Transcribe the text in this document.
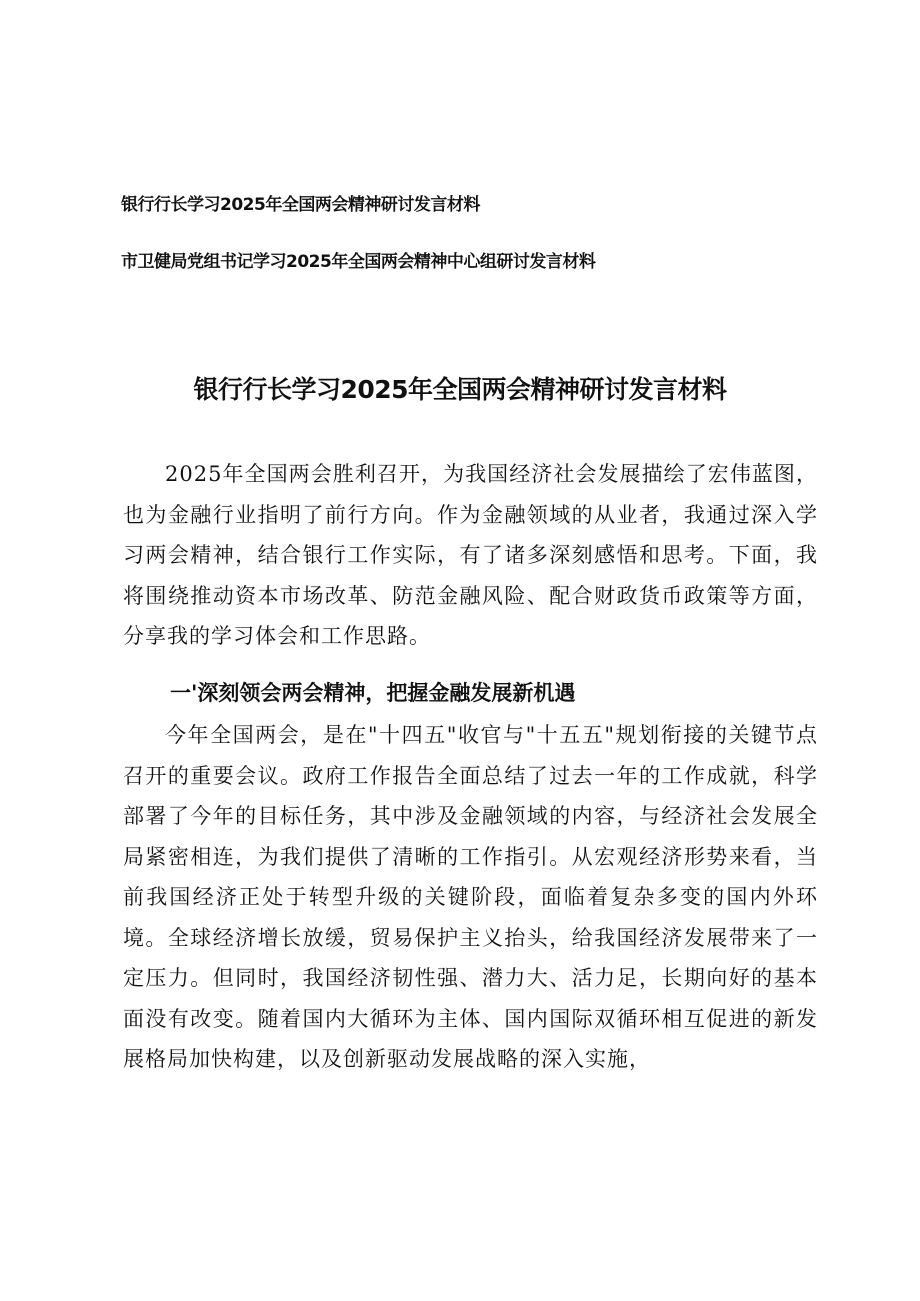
银行行长学习2025年全国两会精神研讨发言材料
市卫健局党组书记学习2025年全国两会精神中心组研讨发言材料
银行行长学习2025年全国两会精神研讨发言材料

2025年全国两会胜利召开，为我国经济社会发展描绘了宏伟蓝图，也为金融行业指明了前行方向。作为金融领域的从业者，我通过深入学习两会精神，结合银行工作实际，有了诸多深刻感悟和思考。下面，我将围绕推动资本市场改革、防范金融风险、配合财政货币政策等方面，分享我的学习体会和工作思路。

一'深刻领会两会精神，把握金融发展新机遇

今年全国两会，是在"十四五"收官与"十五五"规划衔接的关键节点召开的重要会议。政府工作报告全面总结了过去一年的工作成就，科学部署了今年的目标任务，其中涉及金融领域的内容，与经济社会发展全局紧密相连，为我们提供了清晰的工作指引。从宏观经济形势来看，当前我国经济正处于转型升级的关键阶段，面临着复杂多变的国内外环境。全球经济增长放缓，贸易保护主义抬头，给我国经济发展带来了一定压力。但同时，我国经济韧性强、潜力大、活力足，长期向好的基本面没有改变。随着国内大循环为主体、国内国际双循环相互促进的新发展格局加快构建，以及创新驱动发展战略的深入实施，
